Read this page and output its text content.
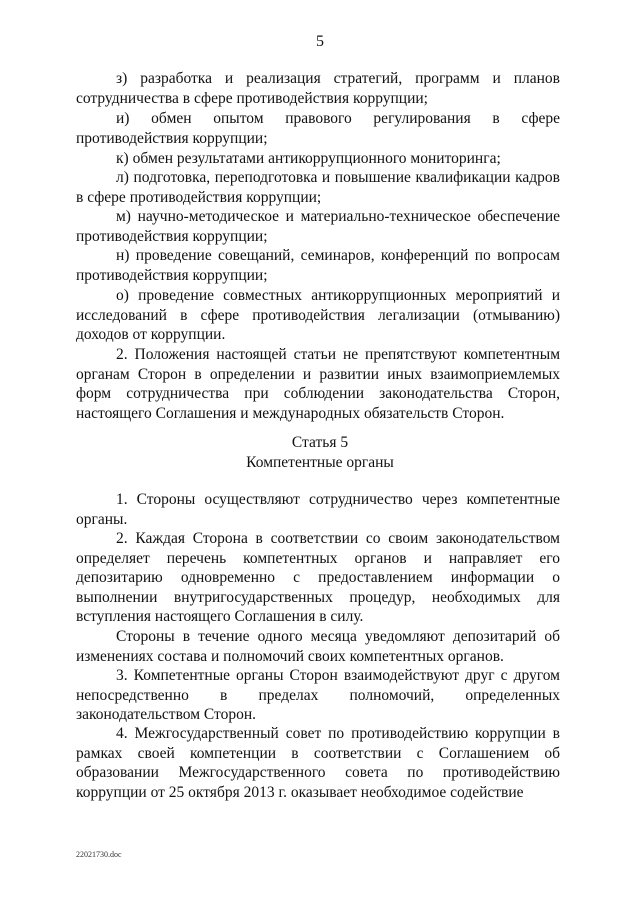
5

з) разработка и реализация стратегий, программ и планов сотрудничества в сфере противодействия коррупции;

и) обмен опытом правового регулирования в сфере противодействия коррупции;

к) обмен результатами антикоррупционного мониторинга;

л) подготовка, переподготовка и повышение квалификации кадров в сфере противодействия коррупции;

м) научно-методическое и материально-техническое обеспечение противодействия коррупции;

н) проведение совещаний, семинаров, конференций по вопросам противодействия коррупции;

о) проведение совместных антикоррупционных мероприятий и исследований в сфере противодействия легализации (отмыванию) доходов от коррупции.

2. Положения настоящей статьи не препятствуют компетентным органам Сторон в определении и развитии иных взаимоприемлемых форм сотрудничества при соблюдении законодательства Сторон, настоящего Соглашения и международных обязательств Сторон.

Статья 5
Компетентные органы

1. Стороны осуществляют сотрудничество через компетентные органы.

2. Каждая Сторона в соответствии со своим законодательством определяет перечень компетентных органов и направляет его депозитарию одновременно с предоставлением информации о выполнении внутригосударственных процедур, необходимых для вступления настоящего Соглашения в силу.

Стороны в течение одного месяца уведомляют депозитарий об изменениях состава и полномочий своих компетентных органов.

3. Компетентные органы Сторон взаимодействуют друг с другом непосредственно в пределах полномочий, определенных законодательством Сторон.

4. Межгосударственный совет по противодействию коррупции в рамках своей компетенции в соответствии с Соглашением об образовании Межгосударственного совета по противодействию коррупции от 25 октября 2013 г. оказывает необходимое содействие

22021730.doc
